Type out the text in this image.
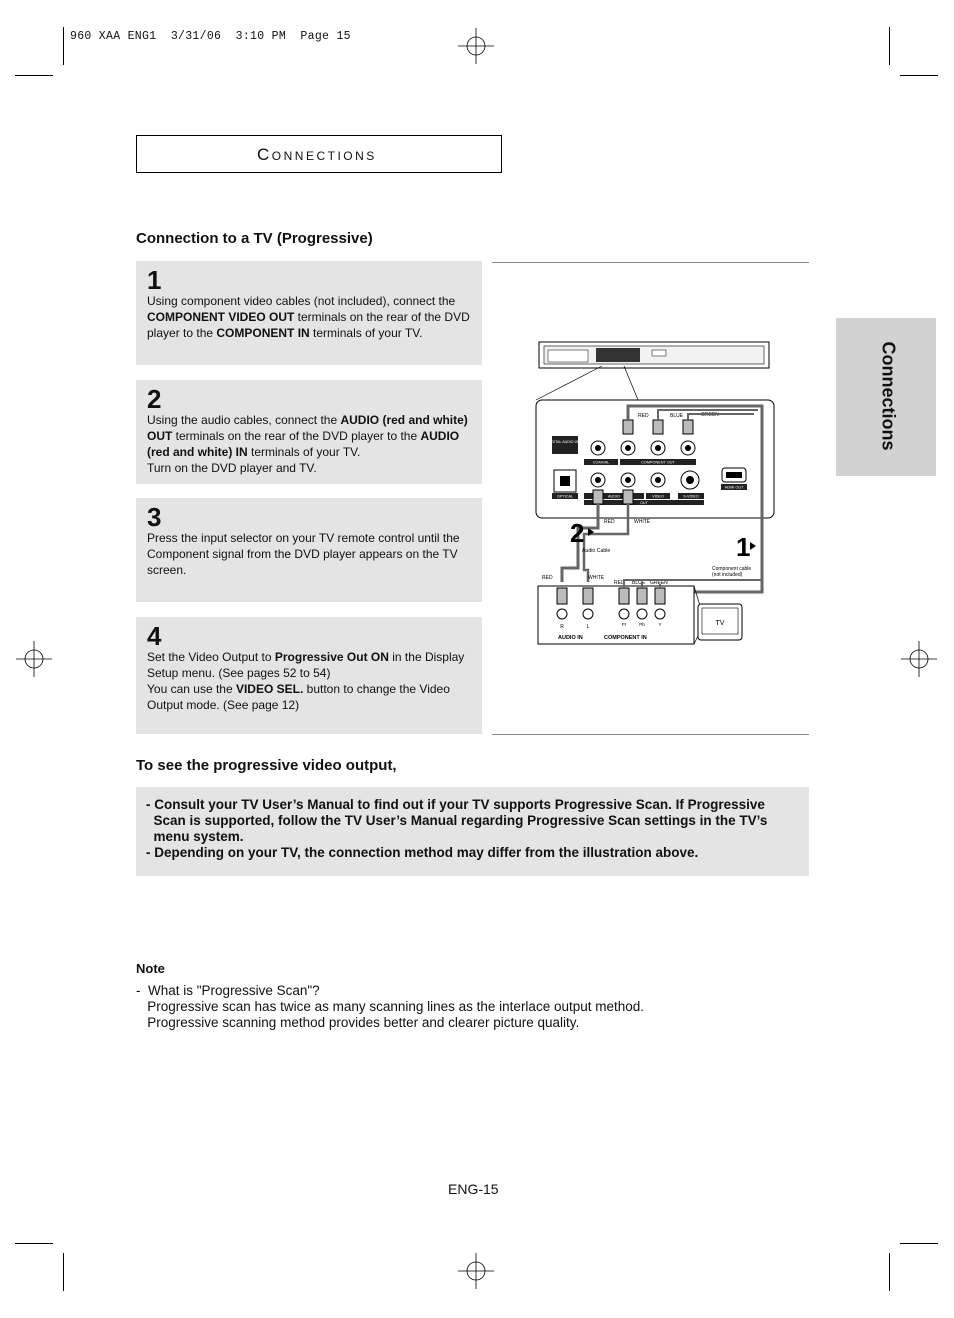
960 XAA ENG1  3/31/06  3:10 PM  Page 15
Connections
Connections
Connection to a TV (Progressive)
1
Using component video cables (not included), connect the COMPONENT VIDEO OUT terminals on the rear of the DVD player to the COMPONENT IN terminals of your TV.
2
Using the audio cables, connect the AUDIO (red and white) OUT terminals on the rear of the DVD player to the AUDIO (red and white) IN terminals of your TV.
Turn on the DVD player and TV.
3
Press the input selector on your TV remote control until the Component signal from the DVD player appears on the TV screen.
4
Set the Video Output to Progressive Out ON in the Display Setup menu. (See pages 52 to 54)
You can use the VIDEO SEL. button to change the Video Output mode. (See page 12)
DIGITAL AUDIO OUT
COAXIAL	COMPONENT OUT
OPTICAL	AUDIO	VIDEO	S-VIDEO
OUT
HDMI OUT
RED	BLUE	GREEN
RED	WHITE
Audio Cable
2	1
Component cable (not included)
RED	WHITE
RED BLUE GREEN
R	L	Pr	Pb	Y
AUDIO IN	COMPONENT IN
TV
To see the progressive video output,

- Consult your TV User’s Manual to find out if your TV supports Progressive Scan. If Progressive

Scan is supported, follow the TV User’s Manual regarding Progressive Scan settings in the TV’s

menu system.

- Depending on your TV, the connection method may differ from the illustration above.

Note
-  What is "Progressive Scan"?
Progressive scan has twice as many scanning lines as the interlace output method.
Progressive scanning method provides better and clearer picture quality.
ENG-15
